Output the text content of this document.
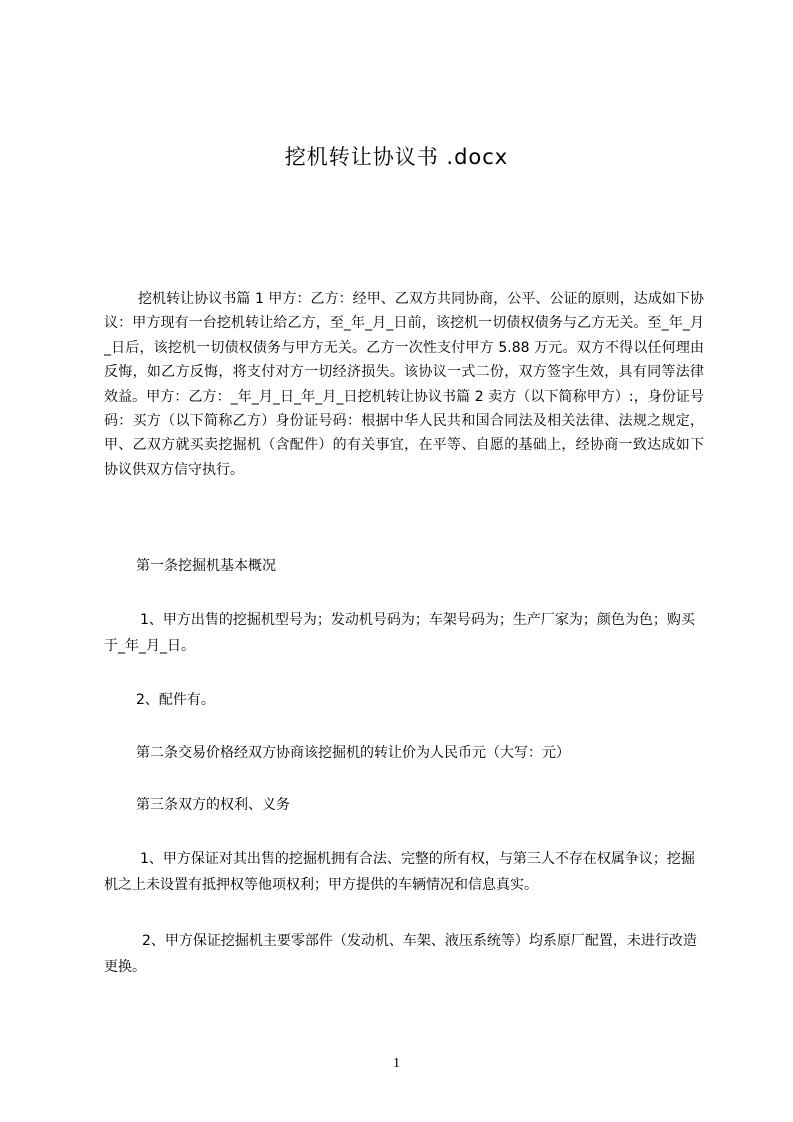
挖机转让协议书 .docx
挖机转让协议书篇 1 甲方：乙方：经甲、乙双方共同协商，公平、公证的原则，达成如下协议：甲方现有一台挖机转让给乙方，至_年_月_日前，该挖机一切债权债务与乙方无关。至_年_月_日后，该挖机一切债权债务与甲方无关。乙方一次性支付甲方 5.88 万元。双方不得以任何理由反悔，如乙方反悔，将支付对方一切经济损失。该协议一式二份，双方签字生效，具有同等法律效益。甲方：乙方：_年_月_日_年_月_日挖机转让协议书篇 2 卖方（以下简称甲方）:，身份证号码：买方（以下简称乙方）身份证号码：根据中华人民共和国合同法及相关法律、法规之规定，甲、乙双方就买卖挖掘机（含配件）的有关事宜，在平等、自愿的基础上，经协商一致达成如下协议供双方信守执行。
第一条挖掘机基本概况
1、甲方出售的挖掘机型号为；发动机号码为；车架号码为；生产厂家为；颜色为色；购买于_年_月_日。
2、配件有。
第二条交易价格经双方协商该挖掘机的转让价为人民币元（大写：元）
第三条双方的权利、义务
1、甲方保证对其出售的挖掘机拥有合法、完整的所有权，与第三人不存在权属争议；挖掘机之上未设置有抵押权等他项权利；甲方提供的车辆情况和信息真实。
2、甲方保证挖掘机主要零部件（发动机、车架、液压系统等）均系原厂配置，未进行改造更换。
1
